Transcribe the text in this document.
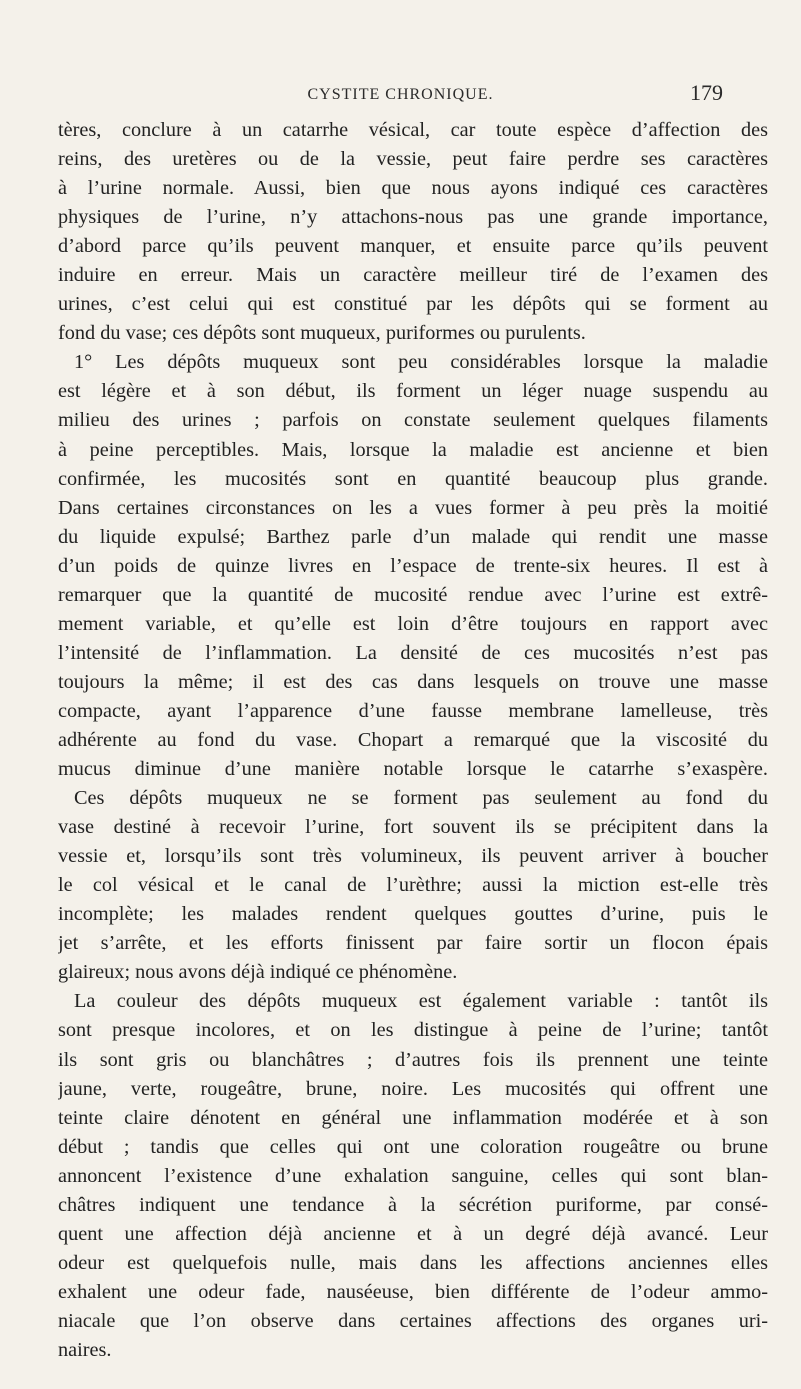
CYSTITE CHRONIQUE.	179
tères, conclure à un catarrhe vésical, car toute espèce d’affection des
reins, des uretères ou de la vessie, peut faire perdre ses caractères
à l’urine normale. Aussi, bien que nous ayons indiqué ces caractères
physiques de l’urine, n’y attachons-nous pas une grande importance,
d’abord parce qu’ils peuvent manquer, et ensuite parce qu’ils peuvent
induire en erreur. Mais un caractère meilleur tiré de l’examen des
urines, c’est celui qui est constitué par les dépôts qui se forment au
fond du vase; ces dépôts sont muqueux, puriformes ou purulents.
1° Les dépôts muqueux sont peu considérables lorsque la maladie
est légère et à son début, ils forment un léger nuage suspendu au
milieu des urines ; parfois on constate seulement quelques filaments
à peine perceptibles. Mais, lorsque la maladie est ancienne et bien
confirmée, les mucosités sont en quantité beaucoup plus grande.
Dans certaines circonstances on les a vues former à peu près la moitié
du liquide expulsé; Barthez parle d’un malade qui rendit une masse
d’un poids de quinze livres en l’espace de trente-six heures. Il est à
remarquer que la quantité de mucosité rendue avec l’urine est extrê-
mement variable, et qu’elle est loin d’être toujours en rapport avec
l’intensité de l’inflammation. La densité de ces mucosités n’est pas
toujours la même; il est des cas dans lesquels on trouve une masse
compacte, ayant l’apparence d’une fausse membrane lamelleuse, très
adhérente au fond du vase. Chopart a remarqué que la viscosité du
mucus diminue d’une manière notable lorsque le catarrhe s’exaspère.
Ces dépôts muqueux ne se forment pas seulement au fond du
vase destiné à recevoir l’urine, fort souvent ils se précipitent dans la
vessie et, lorsqu’ils sont très volumineux, ils peuvent arriver à boucher
le col vésical et le canal de l’urèthre; aussi la miction est-elle très
incomplète; les malades rendent quelques gouttes d’urine, puis le
jet s’arrête, et les efforts finissent par faire sortir un flocon épais
glaireux; nous avons déjà indiqué ce phénomène.
La couleur des dépôts muqueux est également variable : tantôt ils
sont presque incolores, et on les distingue à peine de l’urine; tantôt
ils sont gris ou blanchâtres ; d’autres fois ils prennent une teinte
jaune, verte, rougeâtre, brune, noire. Les mucosités qui offrent une
teinte claire dénotent en général une inflammation modérée et à son
début ; tandis que celles qui ont une coloration rougeâtre ou brune
annoncent l’existence d’une exhalation sanguine, celles qui sont blan-
châtres indiquent une tendance à la sécrétion puriforme, par consé-
quent une affection déjà ancienne et à un degré déjà avancé. Leur
odeur est quelquefois nulle, mais dans les affections anciennes elles
exhalent une odeur fade, nauséeuse, bien différente de l’odeur ammo-
niacale que l’on observe dans certaines affections des organes uri-
naires.
